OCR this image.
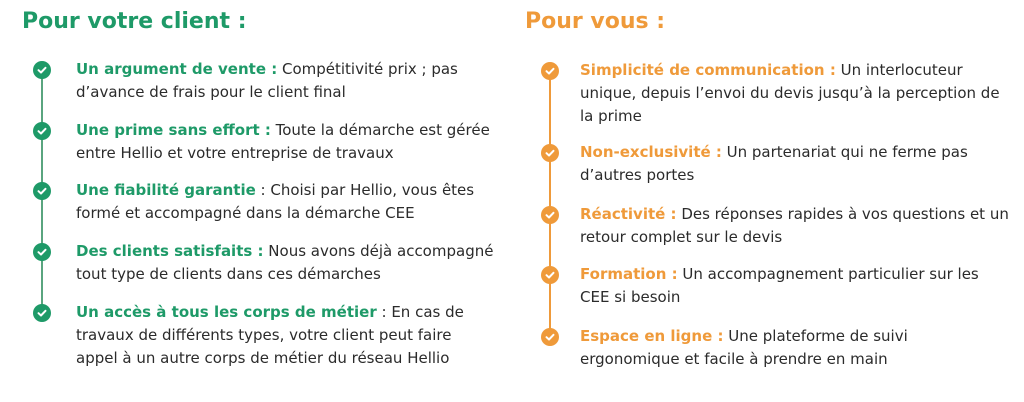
Pour votre client :
Un argument de vente : Compétitivité prix ; pas d’avance de frais pour le client final
Une prime sans effort : Toute la démarche est gérée entre Hellio et votre entreprise de travaux
Une fiabilité garantie : Choisi par Hellio, vous êtes formé et accompagné dans la démarche CEE
Des clients satisfaits : Nous avons déjà accompagné tout type de clients dans ces démarches
Un accès à tous les corps de métier : En cas de travaux de différents types, votre client peut faire appel à un autre corps de métier du réseau Hellio
Pour vous :
Simplicité de communication : Un interlocuteur unique, depuis l’envoi du devis jusqu’à la perception de la prime
Non-exclusivité : Un partenariat qui ne ferme pas d’autres portes
Réactivité : Des réponses rapides à vos questions et un retour complet sur le devis
Formation : Un accompagnement particulier sur les CEE si besoin
Espace en ligne : Une plateforme de suivi ergonomique et facile à prendre en main
